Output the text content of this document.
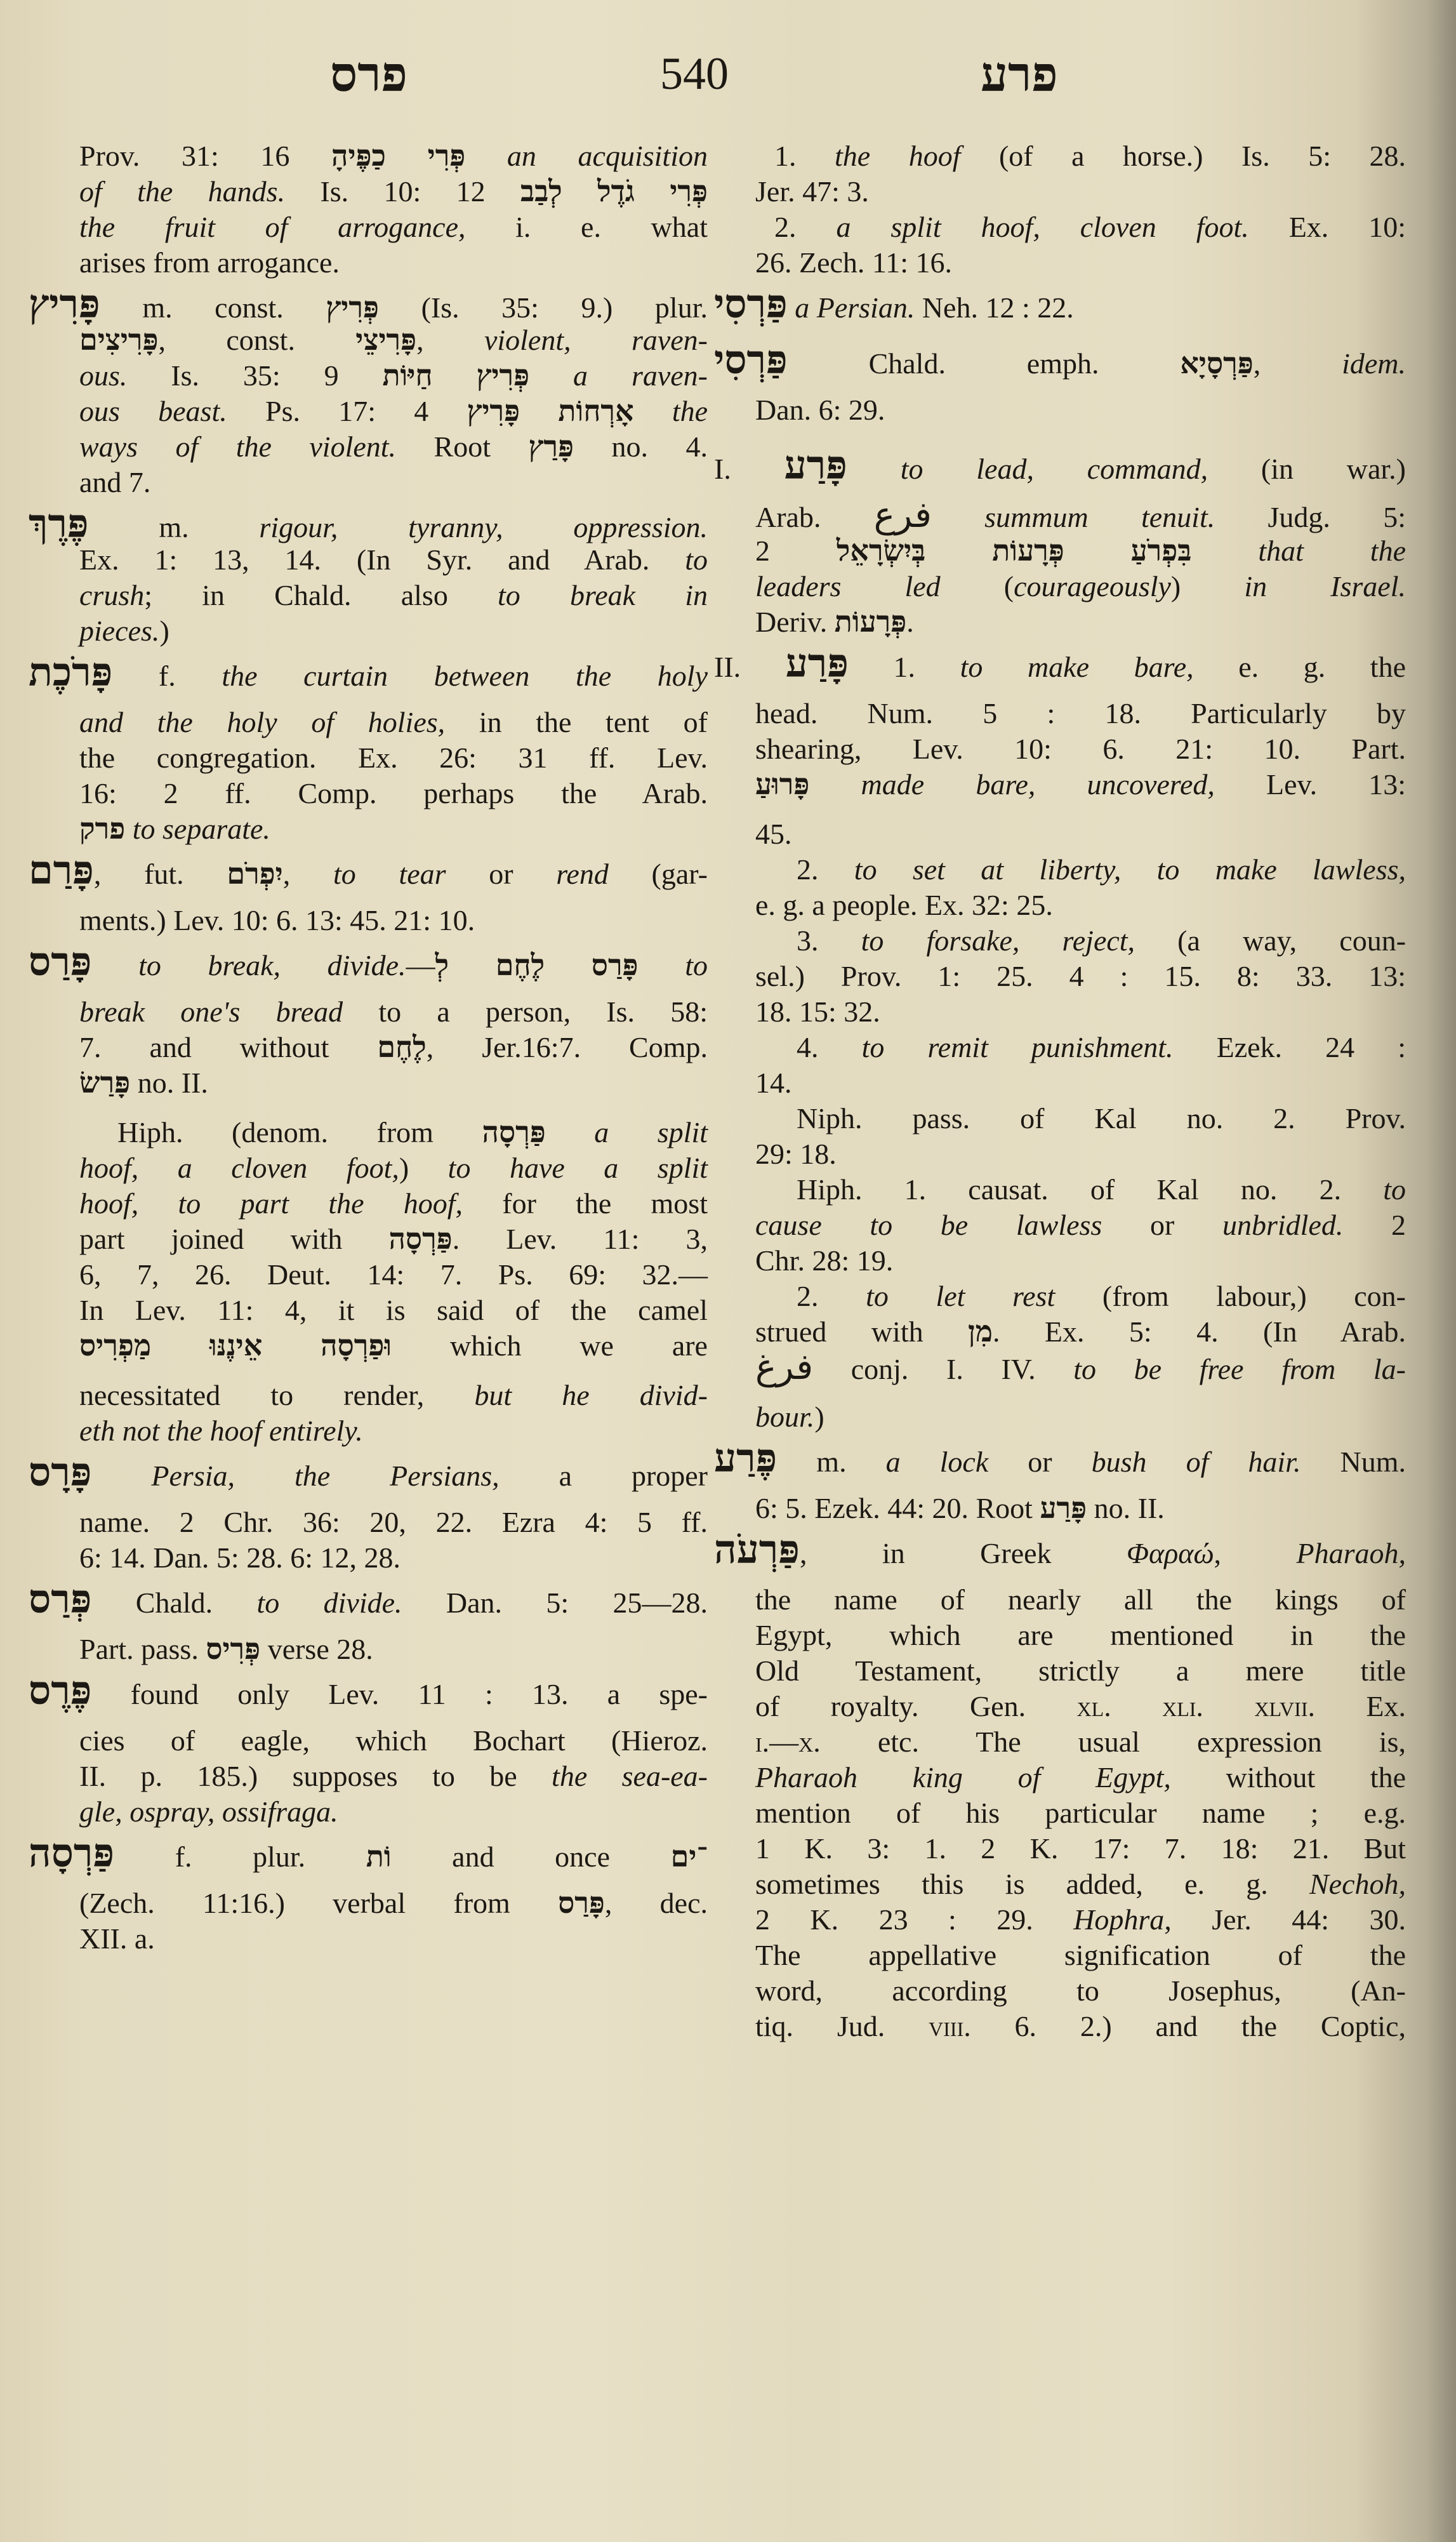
פרס	540	פרע
Prov. 31: 16 פְּרִי כַפֶּיהָ an acquisition
of the hands. Is. 10: 12 פְּרִי גֹדֶל לְבַב
the fruit of arrogance, i. e. what
arises from arrogance.
פָּרִיץ m. const. פְּרִיץ (Is. 35: 9.) plur.
פָּרִיצִים, const. פָּרִיצֵי, violent, raven-
ous. Is. 35: 9 פְּרִיץ חַיּוֹת a raven-
ous beast. Ps. 17: 4 אָרְחוֹת פָּרִיץ the
ways of the violent. Root פָּרַץ no. 4.
and 7.
פֶּרֶךְ m. rigour, tyranny, oppression.
Ex. 1: 13, 14. (In Syr. and Arab. to
crush; in Chald. also to break in
pieces.)
פָּרֹכֶת f. the curtain between the holy
and the holy of holies, in the tent of
the congregation. Ex. 26: 31 ff. Lev.
16: 2 ff. Comp. perhaps the Arab.
פרק to separate.
פָּרַם, fut. יִפְרֹם, to tear or rend (gar-
ments.) Lev. 10: 6. 13: 45. 21: 10.
פָּרַס to break, divide.—פָּרַס לֶחֶם לְ to
break one's bread to a person, Is. 58:
7. and without לֶחֶם, Jer.16:7. Comp.
פָּרַשׂ no. II.
Hiph. (denom. from פַּרְסָה a split
hoof, a cloven foot,) to have a split
hoof, to part the hoof, for the most
part joined with פַּרְסָה. Lev. 11: 3,
6, 7, 26. Deut. 14: 7. Ps. 69: 32.—
In Lev. 11: 4, it is said of the camel
וּפַרְסָה אֵינֶנּוּ מַפְרִיס which we are
necessitated to render, but he divid-
eth not the hoof entirely.
פָּרָס Persia, the Persians, a proper
name. 2 Chr. 36: 20, 22. Ezra 4: 5 ff.
6: 14. Dan. 5: 28. 6: 12, 28.
פְּרַס Chald. to divide. Dan. 5: 25—28.
Part. pass. פְּרִיס verse 28.
פֶּרֶס found only Lev. 11 : 13. a spe-
cies of eagle, which Bochart (Hieroz.
II. p. 185.) supposes to be the sea-ea-
gle, ospray, ossifraga.
פַּרְסָה f. plur. וֹת and once ־ים
(Zech. 11:16.) verbal from פָּרַס, dec.
XII. a.
1. the hoof (of a horse.) Is. 5: 28.
Jer. 47: 3.
2. a split hoof, cloven foot. Ex. 10:
26. Zech. 11: 16.
פַּרְסִי a Persian. Neh. 12 : 22.
פַּרְסִי Chald. emph. פַּרְסָיָא, idem.
Dan. 6: 29.
I. פָּרַע to lead, command, (in war.)
Arab. فرع summum tenuit. Judg. 5:
2 בִּפְרֹעַ פְּרָעוֹת בְּיִשְׂרָאֵל that the
leaders led (courageously) in Israel.
Deriv. פְּרָעוֹת.
II. פָּרַע 1. to make bare, e. g. the
head. Num. 5 : 18. Particularly by
shearing, Lev. 10: 6. 21: 10. Part.
פָּרוּעַ made bare, uncovered, Lev. 13:
45.
2. to set at liberty, to make lawless,
e. g. a people. Ex. 32: 25.
3. to forsake, reject, (a way, coun-
sel.) Prov. 1: 25. 4 : 15. 8: 33. 13:
18. 15: 32.
4. to remit punishment. Ezek. 24 :
14.
Niph. pass. of Kal no. 2. Prov.
29: 18.
Hiph. 1. causat. of Kal no. 2. to
cause to be lawless or unbridled. 2
Chr. 28: 19.
2. to let rest (from labour,) con-
strued with מִן. Ex. 5: 4. (In Arab.
فرغ conj. I. IV. to be free from la-
bour.)
פֶּרַע m. a lock or bush of hair. Num.
6: 5. Ezek. 44: 20. Root פָּרַע no. II.
פַּרְעֹה, in Greek Φαραώ, Pharaoh,
the name of nearly all the kings of
Egypt, which are mentioned in the
Old Testament, strictly a mere title
of royalty. Gen. xl. xli. xlvii. Ex.
i.—x. etc. The usual expression is,
Pharaoh king of Egypt, without the
mention of his particular name ; e.g.
1 K. 3: 1. 2 K. 17: 7. 18: 21. But
sometimes this is added, e. g. Nechoh,
2 K. 23 : 29. Hophra, Jer. 44: 30.
The appellative signification of the
word, according to Josephus, (An-
tiq. Jud. viii. 6. 2.) and the Coptic,
